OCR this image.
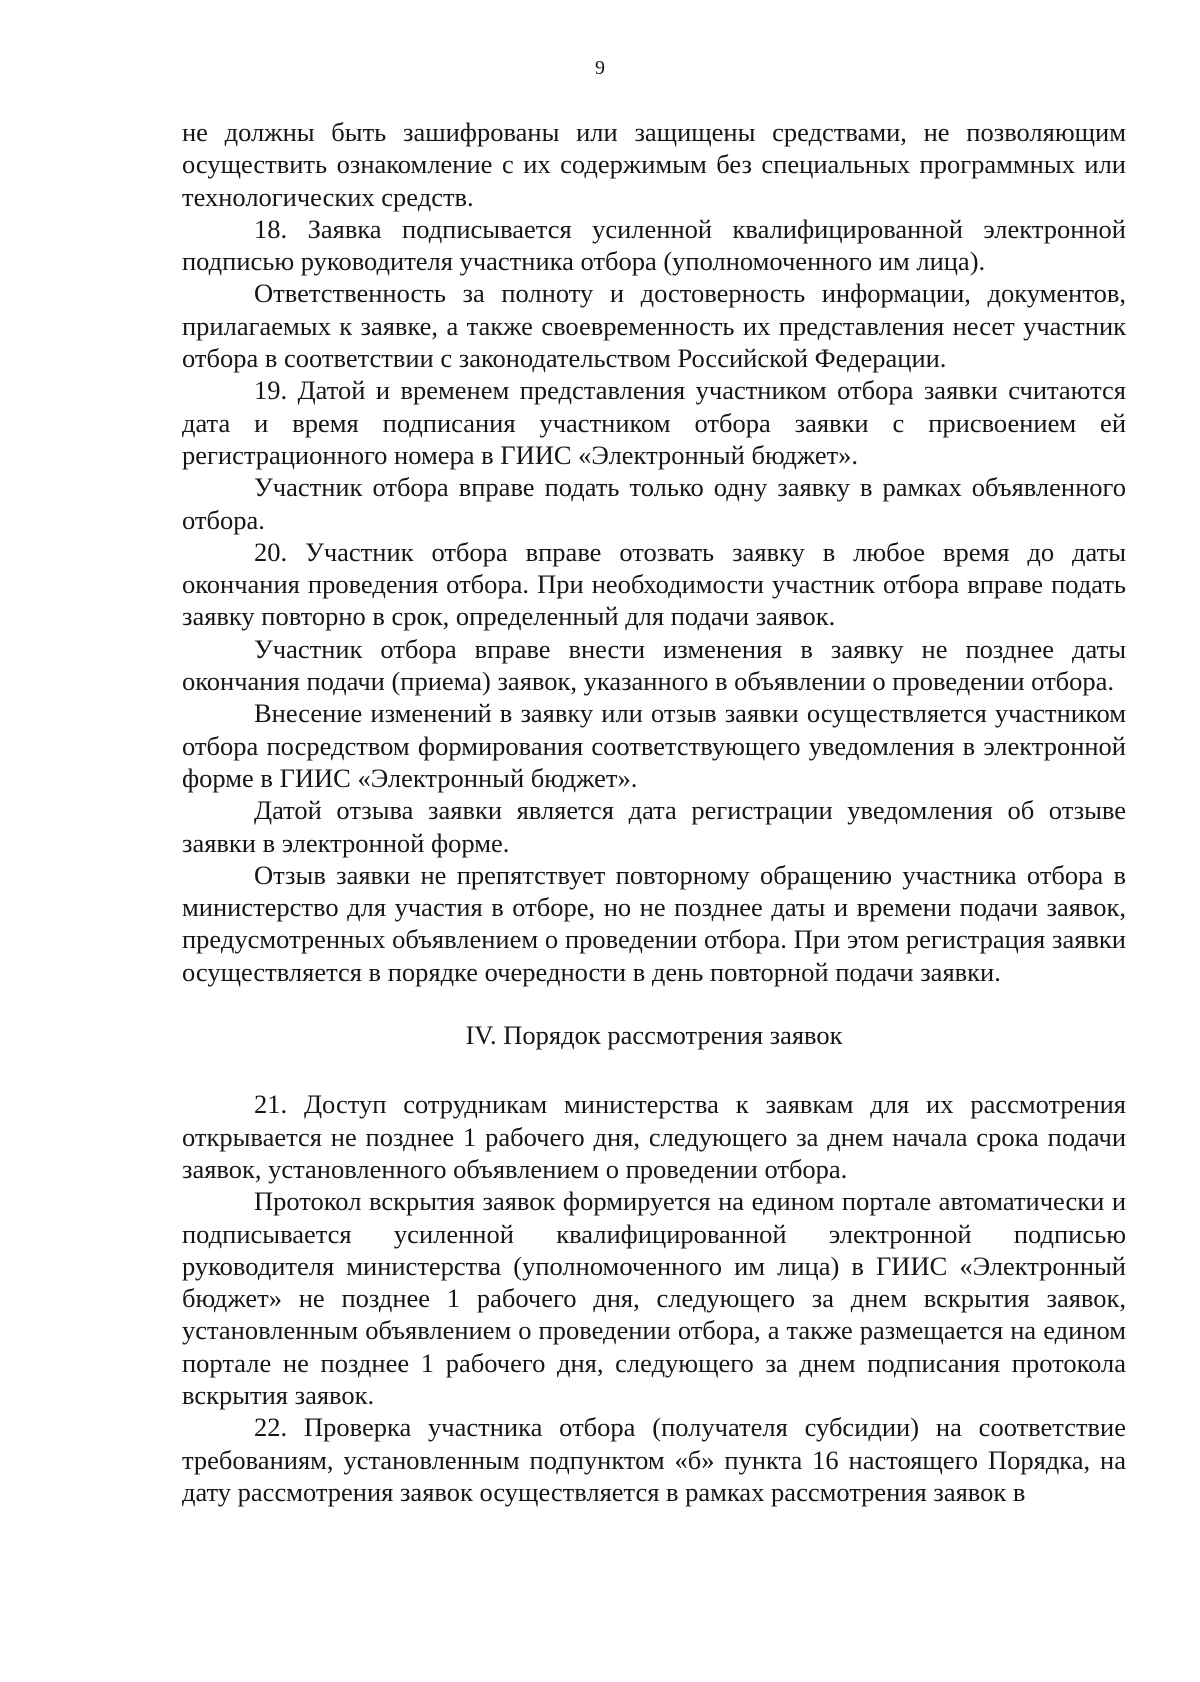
9

не должны быть зашифрованы или защищены средствами, не позволяющим осуществить ознакомление с их содержимым без специальных программных или технологических средств.

18. Заявка подписывается усиленной квалифицированной электронной подписью руководителя участника отбора (уполномоченного им лица).

Ответственность за полноту и достоверность информации, документов, прилагаемых к заявке, а также своевременность их представления несет участник отбора в соответствии с законодательством Российской Федерации.

19. Датой и временем представления участником отбора заявки считаются дата и время подписания участником отбора заявки с присвоением ей регистрационного номера в ГИИС «Электронный бюджет».

Участник отбора вправе подать только одну заявку в рамках объявленного отбора.

20. Участник отбора вправе отозвать заявку в любое время до даты окончания проведения отбора. При необходимости участник отбора вправе подать заявку повторно в срок, определенный для подачи заявок.

Участник отбора вправе внести изменения в заявку не позднее даты окончания подачи (приема) заявок, указанного в объявлении о проведении отбора.

Внесение изменений в заявку или отзыв заявки осуществляется участником отбора посредством формирования соответствующего уведомления в электронной форме в ГИИС «Электронный бюджет».

Датой отзыва заявки является дата регистрации уведомления об отзыве заявки в электронной форме.

Отзыв заявки не препятствует повторному обращению участника отбора в министерство для участия в отборе, но не позднее даты и времени подачи заявок, предусмотренных объявлением о проведении отбора. При этом регистрация заявки осуществляется в порядке очередности в день повторной подачи заявки.

IV. Порядок рассмотрения заявок

21. Доступ сотрудникам министерства к заявкам для их рассмотрения открывается не позднее 1 рабочего дня, следующего за днем начала срока подачи заявок, установленного объявлением о проведении отбора.

Протокол вскрытия заявок формируется на едином портале автоматически и подписывается усиленной квалифицированной электронной подписью руководителя министерства (уполномоченного им лица) в ГИИС «Электронный бюджет» не позднее 1 рабочего дня, следующего за днем вскрытия заявок, установленным объявлением о проведении отбора, а также размещается на едином портале не позднее 1 рабочего дня, следующего за днем подписания протокола вскрытия заявок.

22. Проверка участника отбора (получателя субсидии) на соответствие требованиям, установленным подпунктом «б» пункта 16 настоящего Порядка, на дату рассмотрения заявок осуществляется в рамках рассмотрения заявок в
